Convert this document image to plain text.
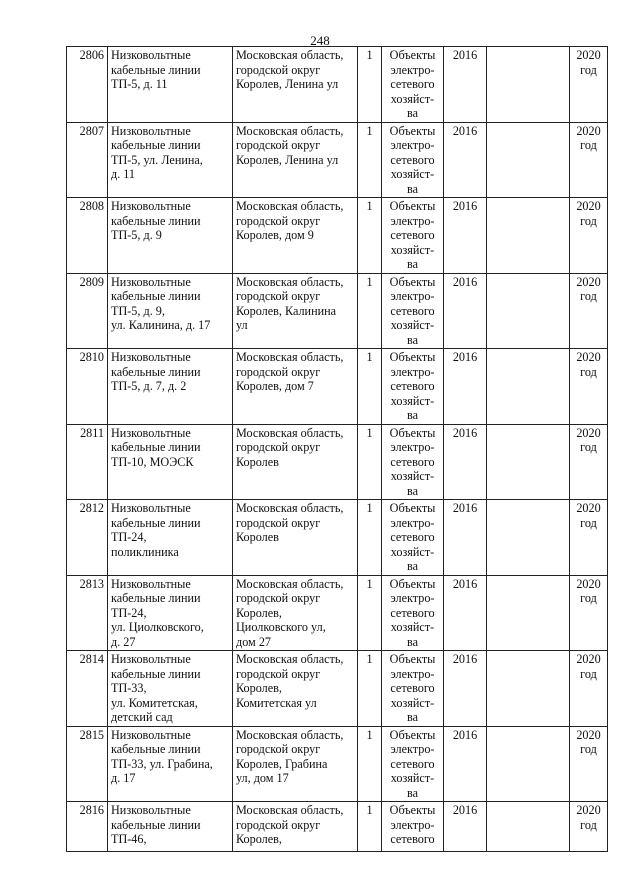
248
2806	Низковольтные
кабельные линии
ТП-5, д. 11	Московская область,
городской округ
Королев, Ленина ул	1	Объекты
электро-
сетевого
хозяйст-
ва	2016		2020
год
2807	Низковольтные
кабельные линии
ТП-5, ул. Ленина,
д. 11	Московская область,
городской округ
Королев, Ленина ул	1	Объекты
электро-
сетевого
хозяйст-
ва	2016		2020
год
2808	Низковольтные
кабельные линии
ТП-5, д. 9	Московская область,
городской округ
Королев, дом 9	1	Объекты
электро-
сетевого
хозяйст-
ва	2016		2020
год
2809	Низковольтные
кабельные линии
ТП-5, д. 9,
ул. Калинина, д. 17	Московская область,
городской округ
Королев, Калинина
ул	1	Объекты
электро-
сетевого
хозяйст-
ва	2016		2020
год
2810	Низковольтные
кабельные линии
ТП-5, д. 7, д. 2	Московская область,
городской округ
Королев, дом 7	1	Объекты
электро-
сетевого
хозяйст-
ва	2016		2020
год
2811	Низковольтные
кабельные линии
ТП-10, МОЭСК	Московская область,
городской округ
Королев	1	Объекты
электро-
сетевого
хозяйст-
ва	2016		2020
год
2812	Низковольтные
кабельные линии
ТП-24,
поликлиника	Московская область,
городской округ
Королев	1	Объекты
электро-
сетевого
хозяйст-
ва	2016		2020
год
2813	Низковольтные
кабельные линии
ТП-24,
ул. Циолковского,
д. 27	Московская область,
городской округ
Королев,
Циолковского ул,
дом 27	1	Объекты
электро-
сетевого
хозяйст-
ва	2016		2020
год
2814	Низковольтные
кабельные линии
ТП-33,
ул. Комитетская,
детский сад	Московская область,
городской округ
Королев,
Комитетская ул	1	Объекты
электро-
сетевого
хозяйст-
ва	2016		2020
год
2815	Низковольтные
кабельные линии
ТП-33, ул. Грабина,
д. 17	Московская область,
городской округ
Королев, Грабина
ул, дом 17	1	Объекты
электро-
сетевого
хозяйст-
ва	2016		2020
год
2816	Низковольтные
кабельные линии
ТП-46,	Московская область,
городской округ
Королев,	1	Объекты
электро-
сетевого	2016		2020
год
